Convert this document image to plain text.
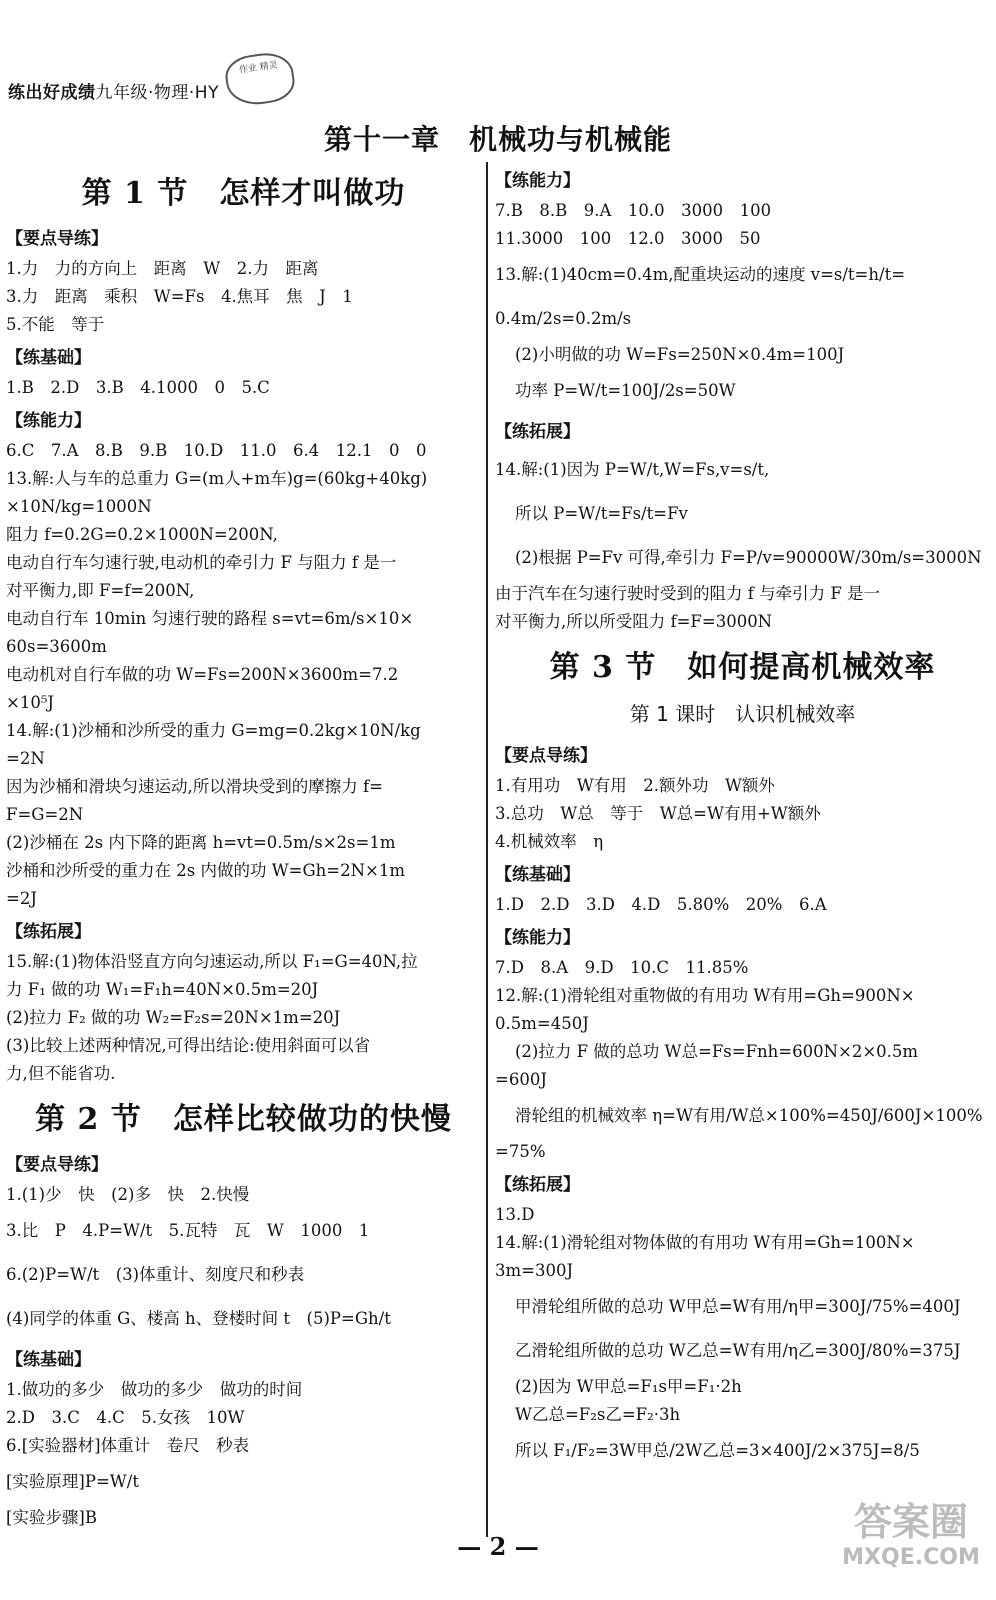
练出好成绩九年级·物理·HY
作业 精灵
第十一章　机械功与机械能
第 1 节　怎样才叫做功
【要点导练】
1.力　力的方向上　距离　W　2.力　距离
3.力　距离　乘积　W=Fs　4.焦耳　焦　J　1
5.不能　等于
【练基础】
1.B　2.D　3.B　4.1000　0　5.C
【练能力】
6.C　7.A　8.B　9.B　10.D　11.0　6.4　12.1　0　0
13.解:人与车的总重力 G=(m人+m车)g=(60kg+40kg)
×10N/kg=1000N
阻力 f=0.2G=0.2×1000N=200N,
电动自行车匀速行驶,电动机的牵引力 F 与阻力 f 是一
对平衡力,即 F=f=200N,
电动自行车 10min 匀速行驶的路程 s=vt=6m/s×10×
60s=3600m
电动机对自行车做的功 W=Fs=200N×3600m=7.2
×10⁵J
14.解:(1)沙桶和沙所受的重力 G=mg=0.2kg×10N/kg
=2N
因为沙桶和滑块匀速运动,所以滑块受到的摩擦力 f=
F=G=2N
(2)沙桶在 2s 内下降的距离 h=vt=0.5m/s×2s=1m
沙桶和沙所受的重力在 2s 内做的功 W=Gh=2N×1m
=2J
【练拓展】
15.解:(1)物体沿竖直方向匀速运动,所以 F₁=G=40N,拉
力 F₁ 做的功 W₁=F₁h=40N×0.5m=20J
(2)拉力 F₂ 做的功 W₂=F₂s=20N×1m=20J
(3)比较上述两种情况,可得出结论:使用斜面可以省
力,但不能省功.
第 2 节　怎样比较做功的快慢
【要点导练】
1.(1)少　快　(2)多　快　2.快慢
3.比　P　4.P=W/t　5.瓦特　瓦　W　1000　1
6.(2)P=W/t　(3)体重计、刻度尺和秒表
(4)同学的体重 G、楼高 h、登楼时间 t　(5)P=Gh/t
【练基础】
1.做功的多少　做功的多少　做功的时间
2.D　3.C　4.C　5.女孩　10W
6.[实验器材]体重计　卷尺　秒表
[实验原理]P=W/t
[实验步骤]B
【练能力】
7.B　8.B　9.A　10.0　3000　100
11.3000　100　12.0　3000　50
13.解:(1)40cm=0.4m,配重块运动的速度 v=s/t=h/t=
0.4m/2s=0.2m/s
(2)小明做的功 W=Fs=250N×0.4m=100J
功率 P=W/t=100J/2s=50W
【练拓展】
14.解:(1)因为 P=W/t,W=Fs,v=s/t,
所以 P=W/t=Fs/t=Fv
(2)根据 P=Fv 可得,牵引力 F=P/v=90000W/30m/s=3000N
由于汽车在匀速行驶时受到的阻力 f 与牵引力 F 是一
对平衡力,所以所受阻力 f=F=3000N
第 3 节　如何提高机械效率
第 1 课时　认识机械效率
【要点导练】
1.有用功　W有用　2.额外功　W额外
3.总功　W总　等于　W总=W有用+W额外
4.机械效率　η
【练基础】
1.D　2.D　3.D　4.D　5.80%　20%　6.A
【练能力】
7.D　8.A　9.D　10.C　11.85%
12.解:(1)滑轮组对重物做的有用功 W有用=Gh=900N×
0.5m=450J
(2)拉力 F 做的总功 W总=Fs=Fnh=600N×2×0.5m
=600J
滑轮组的机械效率 η=W有用/W总×100%=450J/600J×100%
=75%
【练拓展】
13.D
14.解:(1)滑轮组对物体做的有用功 W有用=Gh=100N×
3m=300J
甲滑轮组所做的总功 W甲总=W有用/η甲=300J/75%=400J
乙滑轮组所做的总功 W乙总=W有用/η乙=300J/80%=375J
(2)因为 W甲总=F₁s甲=F₁·2h
W乙总=F₂s乙=F₂·3h
所以 F₁/F₂=3W甲总/2W乙总=3×400J/2×375J=8/5
— 2 —
答案圈
MXQE.COM
